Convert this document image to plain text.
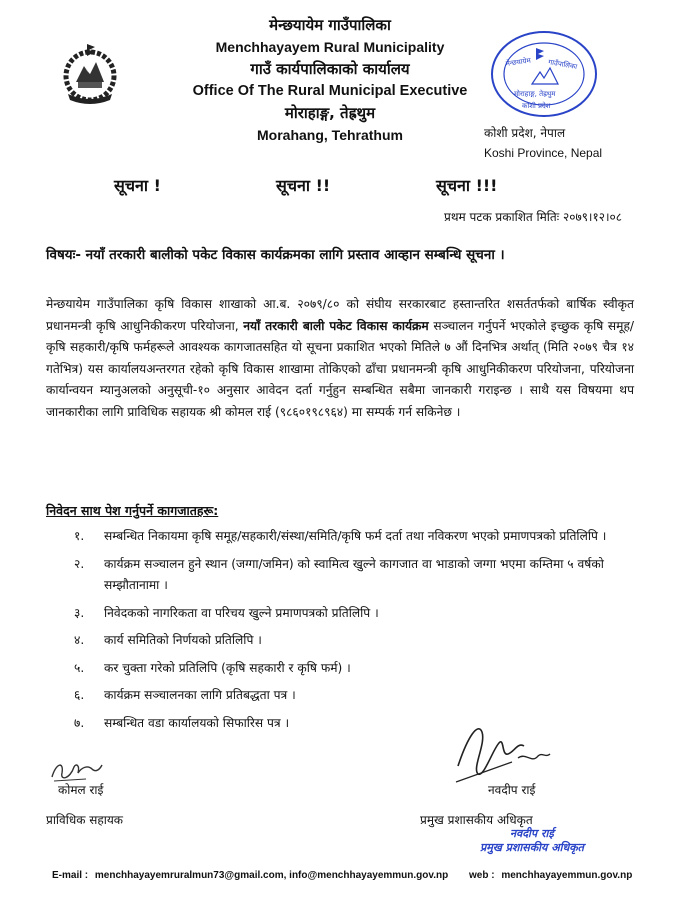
मेन्छयायेम गाउँपालिका
Menchhayayem Rural Municipality
गाउँ कार्यपालिकाको कार्यालय
Office Of The Rural Municipal Executive
मोराहाङ्ग, तेह्रथुम
Morahang, Tehrathum
मेन्छयायेम गाउँपालिका
मोराहाङ्ग, तेह्रथुम
कोशी प्रदेश
कोशी प्रदेश, नेपाल
Koshi Province, Nepal
सूचना !	सूचना !!	सूचना !!!
प्रथम पटक प्रकाशित मितिः २०७९।१२।०८
विषयः- नयाँ तरकारी बालीको पकेट विकास कार्यक्रमका लागि प्रस्ताव आव्हान सम्बन्धि सूचना ।
मेन्छयायेम गाउँपालिका कृषि विकास शाखाको आ.ब. २०७९/८० को संघीय सरकारबाट हस्तान्तरित शसर्ततर्फको बार्षिक स्वीकृत प्रधानमन्त्री कृषि आधुनिकीकरण परियोजना, नयाँ तरकारी बाली पकेट विकास कार्यक्रम सञ्चालन गर्नुपर्ने भएकोले इच्छुक कृषि समूह/कृषि सहकारी/कृषि फर्महरूले आवश्यक कागजातसहित यो सूचना प्रकाशित भएको मितिले ७ औं दिनभित्र अर्थात् (मिति २०७९ चैत्र १४ गतेभित्र) यस कार्यालयअन्तरगत रहेको कृषि विकास शाखामा तोकिएको ढाँचा प्रधानमन्त्री कृषि आधुनिकीकरण परियोजना, परियोजना कार्यान्वयन म्यानुअलको अनुसूची-१० अनुसार आवेदन दर्ता गर्नुहुन सम्बन्धित सबैमा जानकारी गराइन्छ । साथै यस विषयमा थप जानकारीका लागि प्राविधिक सहायक श्री कोमल राई (९८६०१९८९६४) मा सम्पर्क गर्न सकिनेछ ।
निवेदन साथ पेश गर्नुपर्ने कागजातहरू:
१. सम्बन्धित निकायमा कृषि समूह/सहकारी/संस्था/समिति/कृषि फर्म दर्ता तथा नविकरण भएको प्रमाणपत्रको प्रतिलिपि ।
२. कार्यक्रम सञ्चालन हुने स्थान (जग्गा/जमिन) को स्वामित्व खुल्ने कागजात वा भाडाको जग्गा भएमा कम्तिमा ५ वर्षको सम्झौतानामा ।
३. निवेदकको नागरिकता वा परिचय खुल्ने प्रमाणपत्रको प्रतिलिपि ।
४. कार्य समितिको निर्णयको प्रतिलिपि ।
५. कर चुक्ता गरेको प्रतिलिपि (कृषि सहकारी र कृषि फर्म) ।
६. कार्यक्रम सञ्चालनका लागि प्रतिबद्धता पत्र ।
७. सम्बन्धित वडा कार्यालयको सिफारिस पत्र ।
कोमल राई
प्राविधिक सहायक
नवदीप राई
प्रमुख प्रशासकीय अधिकृत
नवदीप राई
प्रमुख प्रशासकीय अधिकृत
E-mail : menchhayayemruralmun73@gmail.com, info@menchhayayemmun.gov.np web : menchhayayemmun.gov.np
